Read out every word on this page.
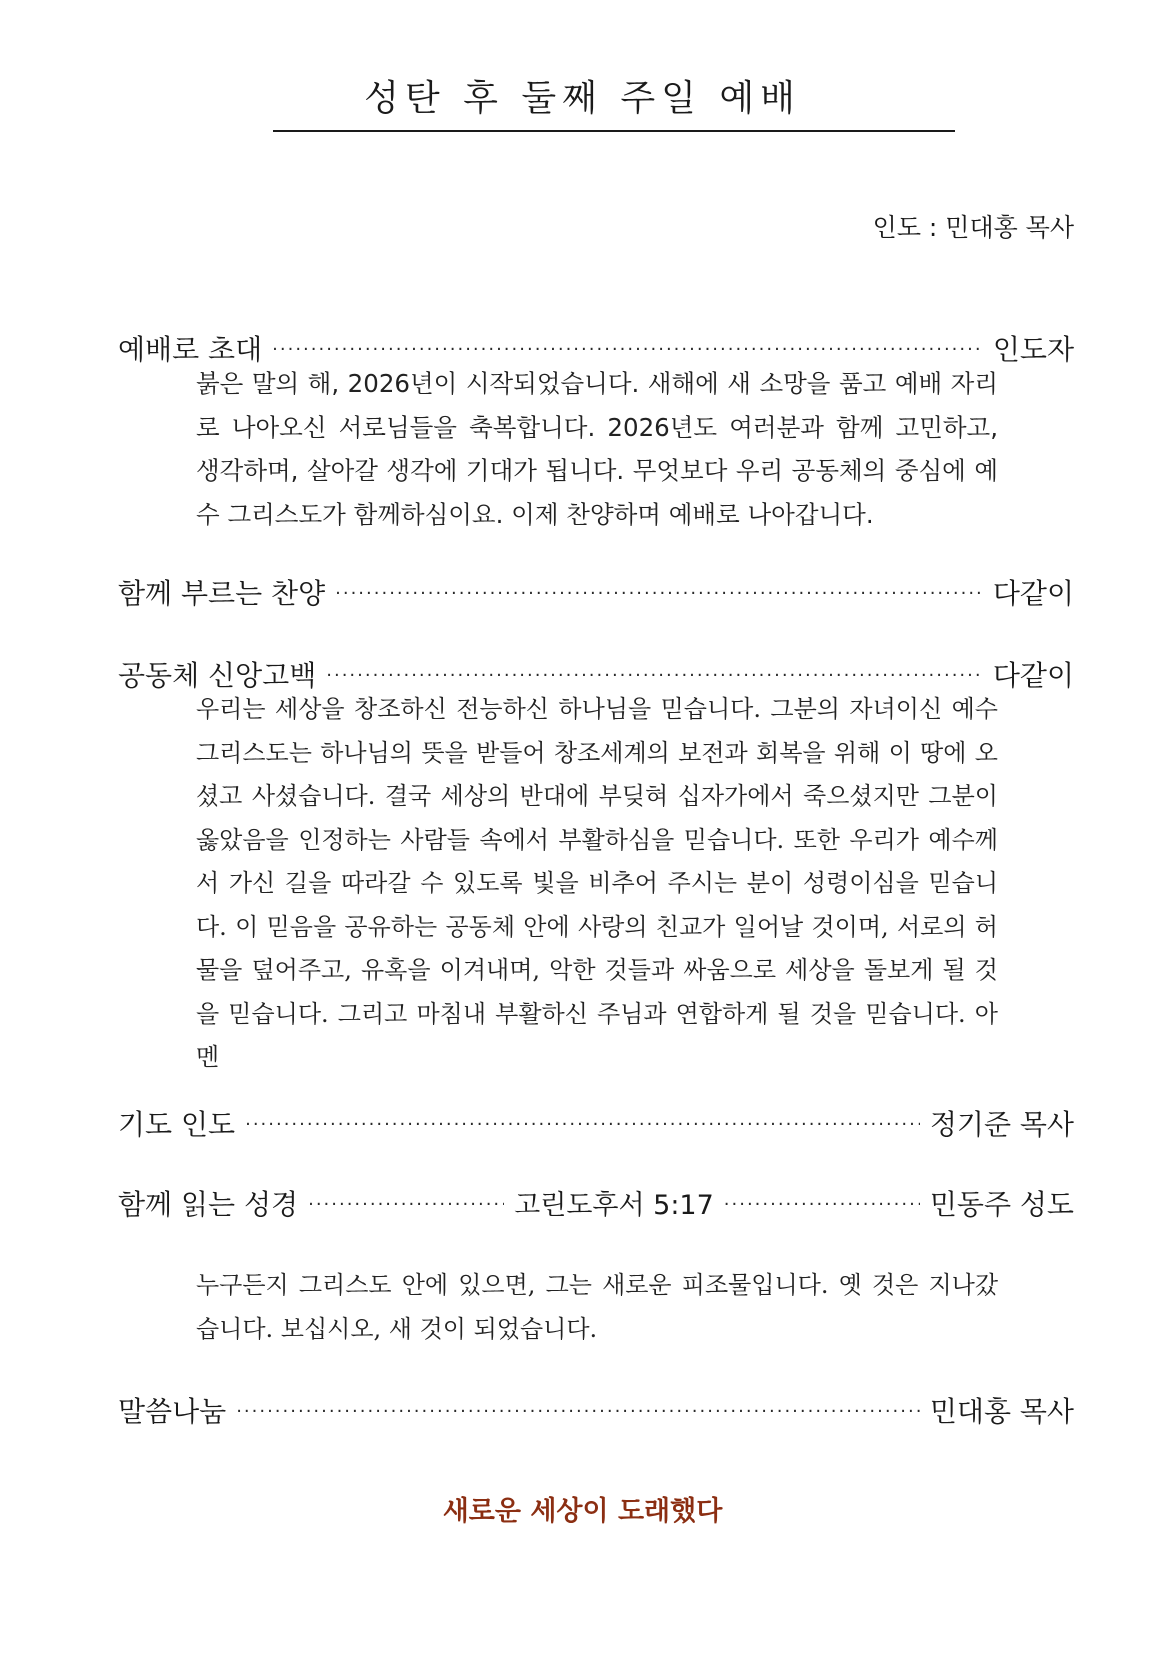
성탄 후 둘째 주일 예배
인도 : 민대홍 목사
예배로 초대 ·····	인도자
붉은 말의 해, 2026년이 시작되었습니다. 새해에 새 소망을 품고 예배 자리로 나아오신 서로님들을 축복합니다. 2026년도 여러분과 함께 고민하고, 생각하며, 살아갈 생각에 기대가 됩니다. 무엇보다 우리 공동체의 중심에 예수 그리스도가 함께하심이요. 이제 찬양하며 예배로 나아갑니다.
함께 부르는 찬양 ·····	다같이
공동체 신앙고백 ·····	다같이
우리는 세상을 창조하신 전능하신 하나님을 믿습니다. 그분의 자녀이신 예수 그리스도는 하나님의 뜻을 받들어 창조세계의 보전과 회복을 위해 이 땅에 오셨고 사셨습니다. 결국 세상의 반대에 부딪혀 십자가에서 죽으셨지만 그분이 옳았음을 인정하는 사람들 속에서 부활하심을 믿습니다. 또한 우리가 예수께서 가신 길을 따라갈 수 있도록 빛을 비추어 주시는 분이 성령이심을 믿습니다. 이 믿음을 공유하는 공동체 안에 사랑의 친교가 일어날 것이며, 서로의 허물을 덮어주고, 유혹을 이겨내며, 악한 것들과 싸움으로 세상을 돌보게 될 것을 믿습니다. 그리고 마침내 부활하신 주님과 연합하게 될 것을 믿습니다. 아멘
기도 인도 ·····	정기준 목사
함께 읽는 성경 ·····	고린도후서 5:17 ·····	민동주 성도
누구든지 그리스도 안에 있으면, 그는 새로운 피조물입니다. 옛 것은 지나갔습니다. 보십시오, 새 것이 되었습니다.
말씀나눔 ·····	민대홍 목사
새로운 세상이 도래했다
